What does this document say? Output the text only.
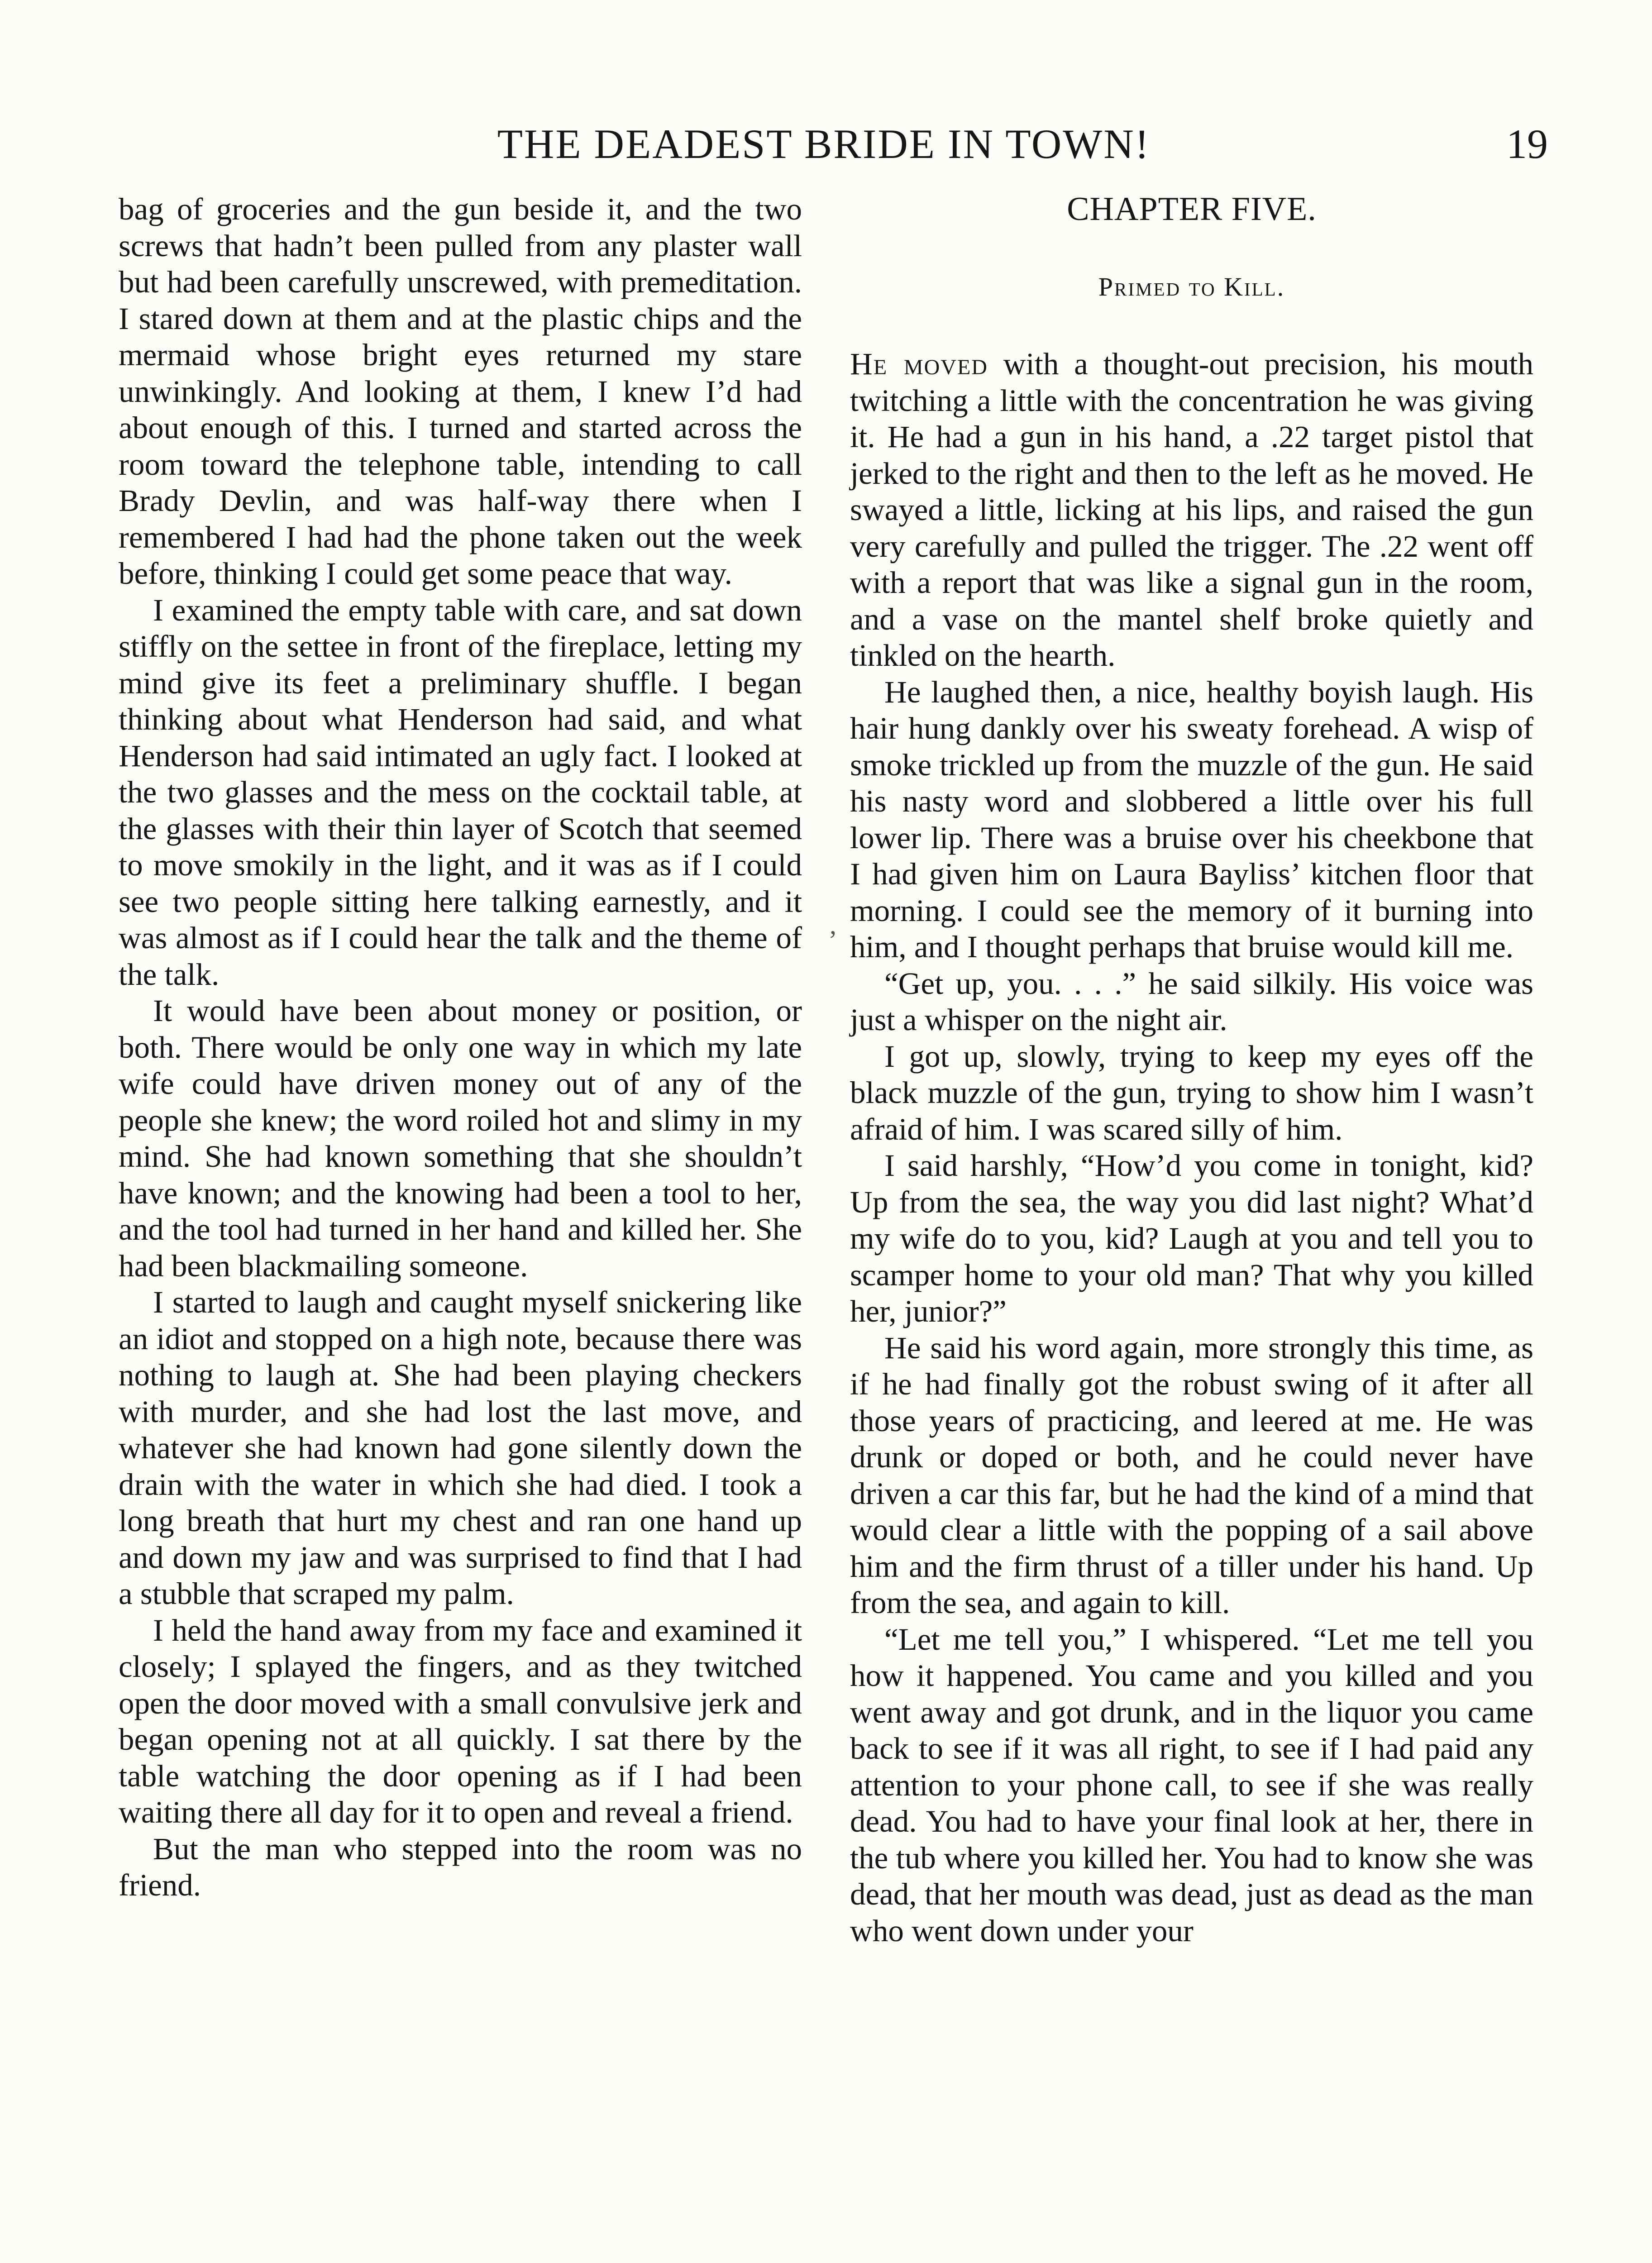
THE DEADEST BRIDE IN TOWN!	19

bag of groceries and the gun beside it, and the two screws that hadn’t been pulled from any plaster wall but had been carefully unscrewed, with premeditation. I stared down at them and at the plastic chips and the mermaid whose bright eyes returned my stare unwinkingly. And looking at them, I knew I’d had about enough of this. I turned and started across the room toward the telephone table, intending to call Brady Devlin, and was half-way there when I remembered I had had the phone taken out the week before, thinking I could get some peace that way.

I examined the empty table with care, and sat down stiffly on the settee in front of the fireplace, letting my mind give its feet a preliminary shuffle. I began thinking about what Henderson had said, and what Henderson had said intimated an ugly fact. I looked at the two glasses and the mess on the cocktail table, at the glasses with their thin layer of Scotch that seemed to move smokily in the light, and it was as if I could see two people sitting here talking earnestly, and it was almost as if I could hear the talk and the theme of the talk.

It would have been about money or position, or both. There would be only one way in which my late wife could have driven money out of any of the people she knew; the word roiled hot and slimy in my mind. She had known something that she shouldn’t have known; and the knowing had been a tool to her, and the tool had turned in her hand and killed her. She had been blackmailing someone.

I started to laugh and caught myself snickering like an idiot and stopped on a high note, because there was nothing to laugh at. She had been playing checkers with murder, and she had lost the last move, and whatever she had known had gone silently down the drain with the water in which she had died. I took a long breath that hurt my chest and ran one hand up and down my jaw and was surprised to find that I had a stubble that scraped my palm.

I held the hand away from my face and examined it closely; I splayed the fingers, and as they twitched open the door moved with a small convulsive jerk and began opening not at all quickly. I sat there by the table watching the door opening as if I had been waiting there all day for it to open and reveal a friend.

But the man who stepped into the room was no friend.

CHAPTER FIVE.
Primed to Kill.

He moved with a thought-out precision, his mouth twitching a little with the concentration he was giving it. He had a gun in his hand, a .22 target pistol that jerked to the right and then to the left as he moved. He swayed a little, licking at his lips, and raised the gun very carefully and pulled the trigger. The .22 went off with a report that was like a signal gun in the room, and a vase on the mantel shelf broke quietly and tinkled on the hearth.

He laughed then, a nice, healthy boyish laugh. His hair hung dankly over his sweaty forehead. A wisp of smoke trickled up from the muzzle of the gun. He said his nasty word and slobbered a little over his full lower lip. There was a bruise over his cheekbone that I had given him on Laura Bayliss’ kitchen floor that morning. I could see the memory of it burning into him, and I thought perhaps that bruise would kill me.

“Get up, you. . . .” he said silkily. His voice was just a whisper on the night air.

I got up, slowly, trying to keep my eyes off the black muzzle of the gun, trying to show him I wasn’t afraid of him. I was scared silly of him.

I said harshly, “How’d you come in tonight, kid? Up from the sea, the way you did last night? What’d my wife do to you, kid? Laugh at you and tell you to scamper home to your old man? That why you killed her, junior?”

He said his word again, more strongly this time, as if he had finally got the robust swing of it after all those years of practicing, and leered at me. He was drunk or doped or both, and he could never have driven a car this far, but he had the kind of a mind that would clear a little with the popping of a sail above him and the firm thrust of a tiller under his hand. Up from the sea, and again to kill.

“Let me tell you,” I whispered. “Let me tell you how it happened. You came and you killed and you went away and got drunk, and in the liquor you came back to see if it was all right, to see if I had paid any attention to your phone call, to see if she was really dead. You had to have your final look at her, there in the tub where you killed her. You had to know she was dead, that her mouth was dead, just as dead as the man who went down under your

,
